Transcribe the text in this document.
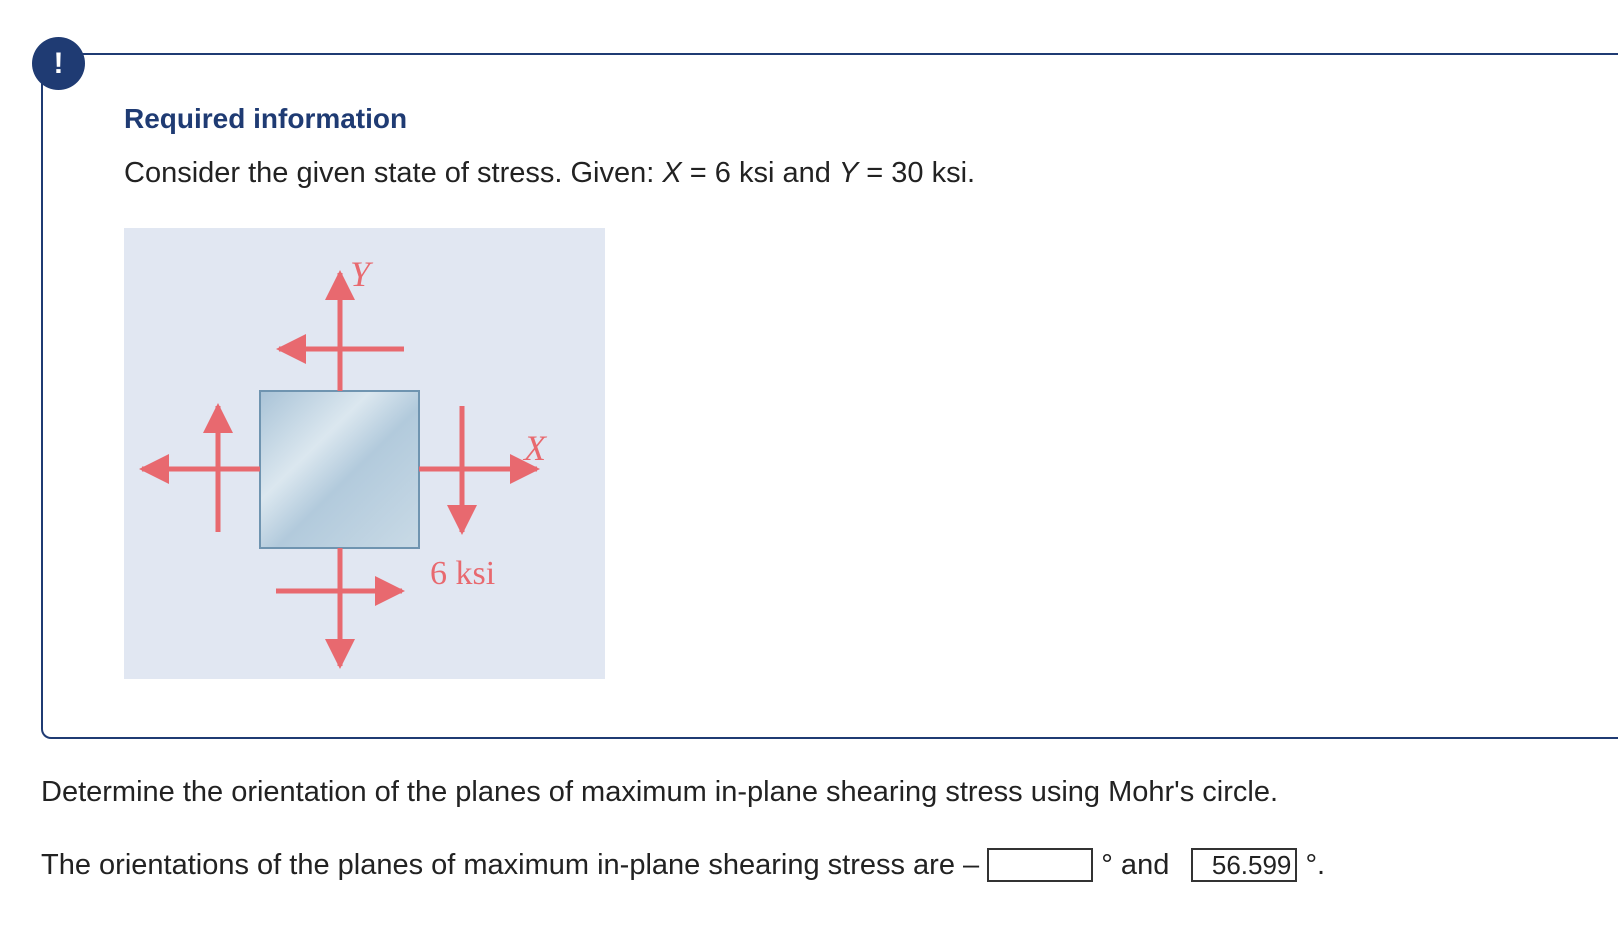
!
Required information
Consider the given state of stress. Given: X = 6 ksi and Y = 30 ksi.
Y
X
6 ksi
Determine the orientation of the planes of maximum in-plane shearing stress using Mohr's circle.
The orientations of the planes of maximum in-plane shearing stress are –	° and 56.599	°.
